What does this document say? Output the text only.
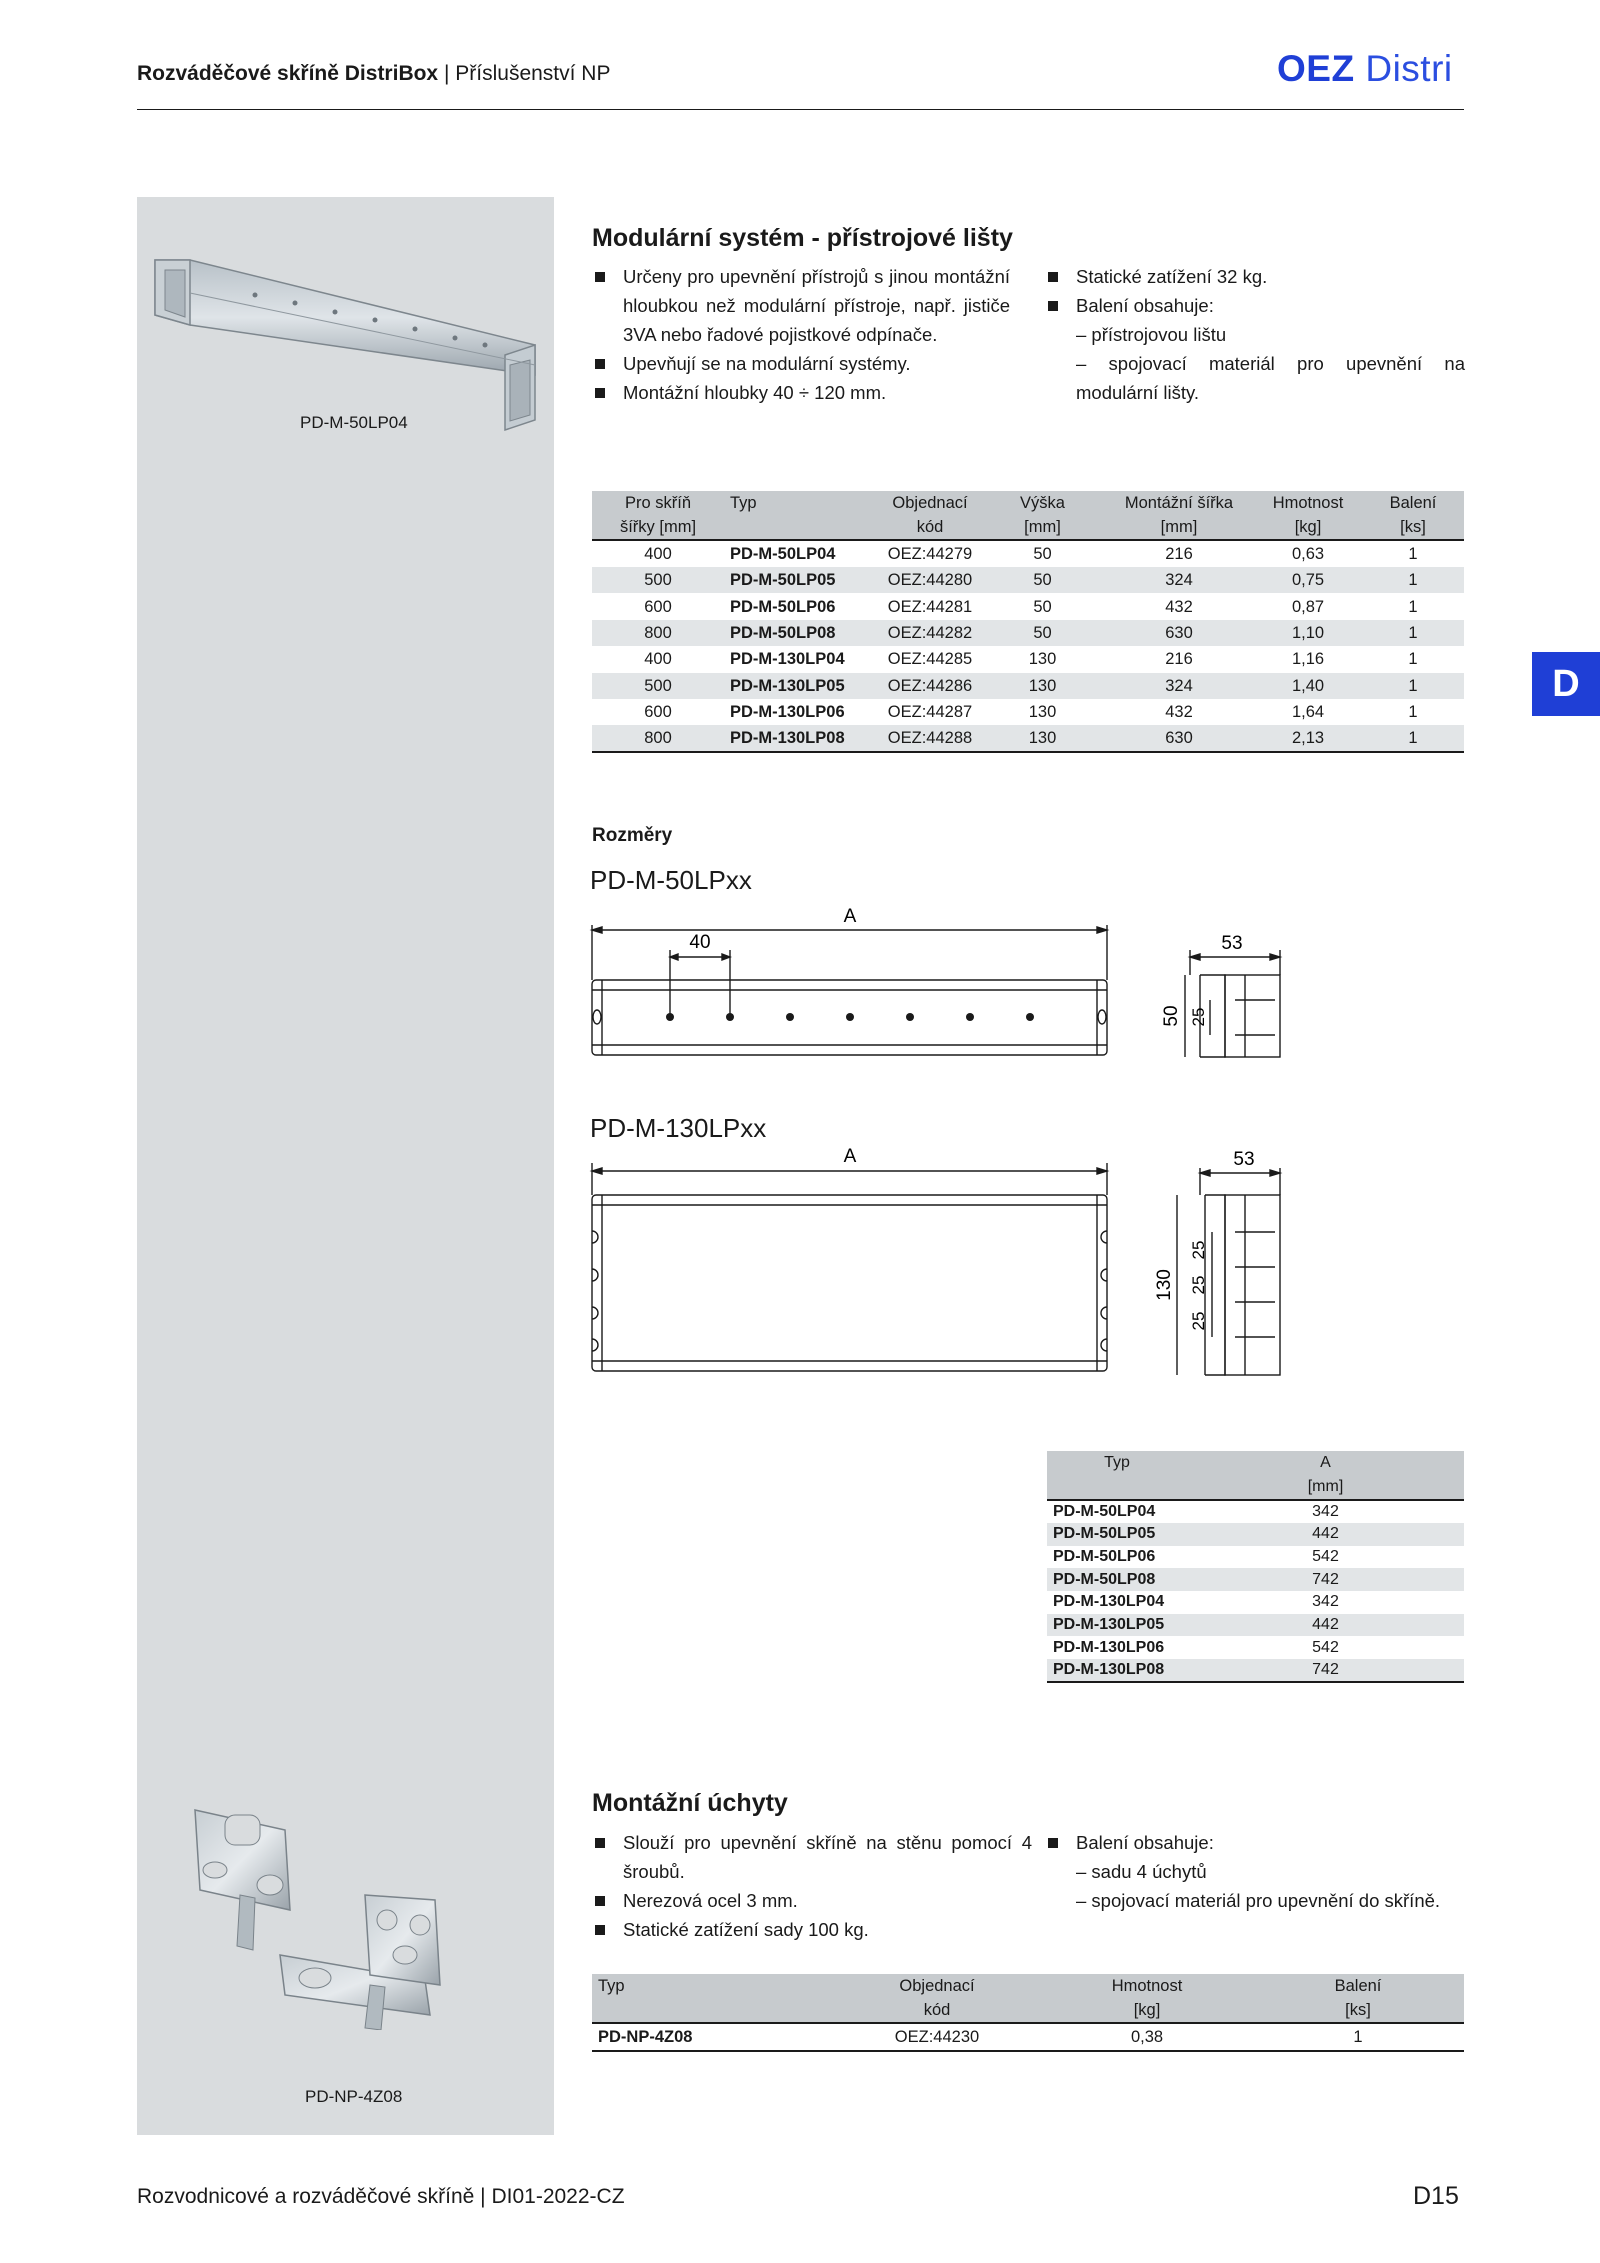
Rozváděčové skříně DistriBox | Příslušenství NP	OEZ Distri
PD-M-50LP04
PD-NP-4Z08
D
Modulární systém - přístrojové lišty
Určeny pro upevnění přístrojů s jinou montážní hloubkou než modulární přístroje, např. jističe 3VA nebo řadové pojistkové odpínače.
Upevňují se na modulární systémy.
Montážní hloubky 40 ÷ 120 mm.
Statické zatížení 32 kg.
Balení obsahuje:
– přístrojovou lištu
– spojovací materiál pro upevnění na modulární lišty.
Pro skříň	Typ	Objednací	Výška	Montážní šířka	Hmotnost	Balení
šířky [mm]		kód	[mm]	[mm]	[kg]	[ks]
400	PD-M-50LP04	OEZ:44279	50	216	0,63	1
500	PD-M-50LP05	OEZ:44280	50	324	0,75	1
600	PD-M-50LP06	OEZ:44281	50	432	0,87	1
800	PD-M-50LP08	OEZ:44282	50	630	1,10	1
400	PD-M-130LP04	OEZ:44285	130	216	1,16	1
500	PD-M-130LP05	OEZ:44286	130	324	1,40	1
600	PD-M-130LP06	OEZ:44287	130	432	1,64	1
800	PD-M-130LP08	OEZ:44288	130	630	2,13	1
Rozměry
PD-M-50LPxx
A
40	53
50 25
PD-M-130LPxx
A	53
130
25
25
25
Typ	A
	[mm]
PD-M-50LP04	342
PD-M-50LP05	442
PD-M-50LP06	542
PD-M-50LP08	742
PD-M-130LP04	342
PD-M-130LP05	442
PD-M-130LP06	542
PD-M-130LP08	742
Montážní úchyty
Slouží pro upevnění skříně na stěnu pomocí 4 šroubů.
Nerezová ocel 3 mm.
Statické zatížení sady 100 kg.
Balení obsahuje:
– sadu 4 úchytů
– spojovací materiál pro upevnění do skříně.
Typ	Objednací	Hmotnost	Balení
	kód	[kg]	[ks]
PD-NP-4Z08	OEZ:44230	0,38	1
Rozvodnicové a rozváděčové skříně | DI01-2022-CZ	D15
